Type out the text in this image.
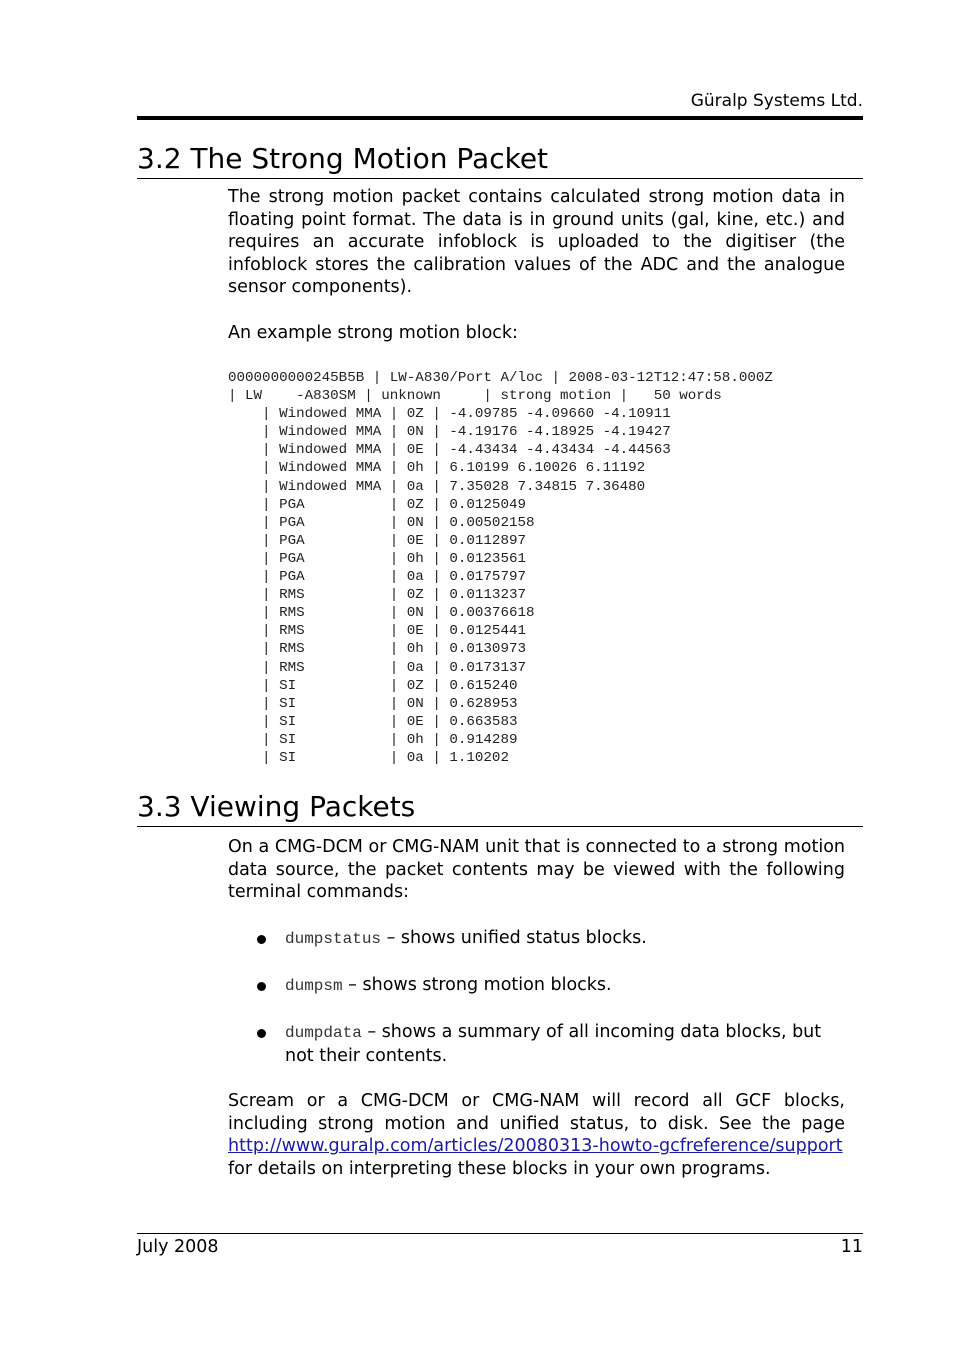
Güralp Systems Ltd.
3.2 The Strong Motion Packet

The strong motion packet contains calculated strong motion data in floating point format. The data is in ground units (gal, kine, etc.) and requires an accurate infoblock is uploaded to the digitiser (the infoblock stores the calibration values of the ADC and the analogue sensor components).

An example strong motion block:

0000000000245B5B | LW-A830/Port A/loc | 2008-03-12T12:47:58.000Z
| LW    -A830SM | unknown     | strong motion |   50 words
| Windowed MMA | 0Z | -4.09785 -4.09660 -4.10911
| Windowed MMA | 0N | -4.19176 -4.18925 -4.19427
| Windowed MMA | 0E | -4.43434 -4.43434 -4.44563
| Windowed MMA | 0h | 6.10199 6.10026 6.11192
| Windowed MMA | 0a | 7.35028 7.34815 7.36480
| PGA          | 0Z | 0.0125049
| PGA          | 0N | 0.00502158
| PGA          | 0E | 0.0112897
| PGA          | 0h | 0.0123561
| PGA          | 0a | 0.0175797
| RMS          | 0Z | 0.0113237
| RMS          | 0N | 0.00376618
| RMS          | 0E | 0.0125441
| RMS          | 0h | 0.0130973
| RMS          | 0a | 0.0173137
| SI           | 0Z | 0.615240
| SI           | 0N | 0.628953
| SI           | 0E | 0.663583
| SI           | 0h | 0.914289
| SI           | 0a | 1.10202
3.3 Viewing Packets

On a CMG-DCM or CMG-NAM unit that is connected to a strong motion data source, the packet contents may be viewed with the following terminal commands:

dumpstatus – shows unified status blocks.
dumpsm – shows strong motion blocks.
dumpdata – shows a summary of all incoming data blocks, but not their contents.

Scream or a CMG-DCM or CMG-NAM will record all GCF blocks, including strong motion and unified status, to disk. See the page http://www.guralp.com/articles/20080313-howto-gcfreference/support for details on interpreting these blocks in your own programs.

July 2008	11
